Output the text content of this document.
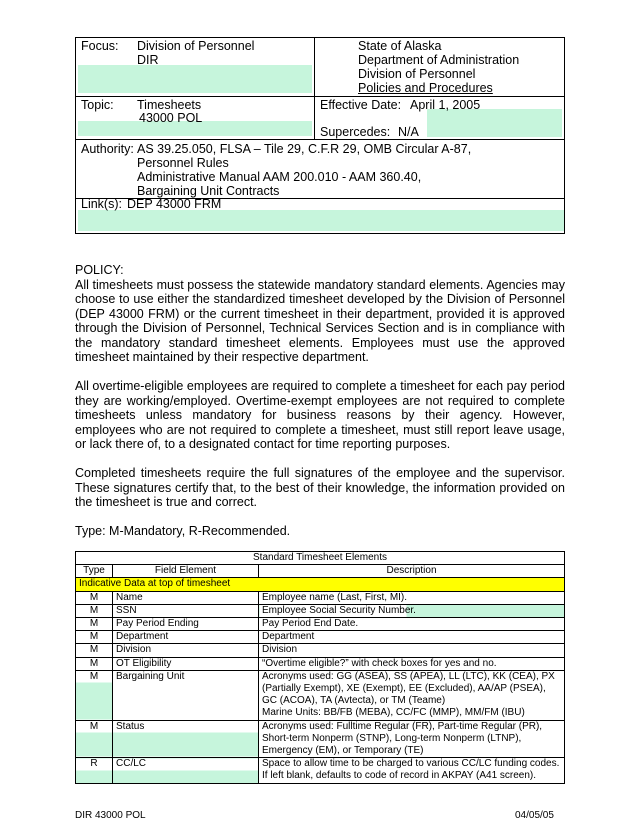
Focus: Division of Personnel
DIR	State of Alaska
Department of Administration
Division of Personnel
Policies and Procedures

Topic: Timesheets
43000 POL	Effective Date: April 1, 2005
Supercedes: N/A

Authority: AS 39.25.050, FLSA – Tile 29, C.F.R 29, OMB Circular A-87,
Personnel Rules
Administrative Manual AAM 200.010 - AAM 360.40,
Bargaining Unit Contracts	

Link(s): DEP 43000 FRM	

POLICY:

All timesheets must possess the statewide mandatory standard elements. Agencies may choose to use either the standardized timesheet developed by the Division of Personnel (DEP 43000 FRM) or the current timesheet in their department, provided it is approved through the Division of Personnel, Technical Services Section and is in compliance with the mandatory standard timesheet elements. Employees must use the approved timesheet maintained by their respective department.

All overtime-eligible employees are required to complete a timesheet for each pay period they are working/employed. Overtime-exempt employees are not required to complete timesheets unless mandatory for business reasons by their agency. However, employees who are not required to complete a timesheet, must still report leave usage, or lack there of, to a designated contact for time reporting purposes.

Completed timesheets require the full signatures of the employee and the supervisor. These signatures certify that, to the best of their knowledge, the information provided on the timesheet is true and correct.

Type: M-Mandatory, R-Recommended.

Standard Timesheet Elements		
Type	Field Element	Description
Indicative Data at top of timesheet		
M	Name	Employee name (Last, First, MI).
M	SSN	Employee Social Security Number.
M	Pay Period Ending	Pay Period End Date.
M	Department	Department
M	Division	Division
M	OT Eligibility	“Overtime eligible?” with check boxes for yes and no.
M	Bargaining Unit	Acronyms used: GG (ASEA), SS (APEA), LL (LTC), KK (CEA), PX
(Partially Exempt), XE (Exempt), EE (Excluded), AA/AP (PSEA),
GC (ACOA), TA (Avtecta), or TM (Teame)
Marine Units: BB/FB (MEBA), CC/FC (MMP), MM/FM (IBU)

M	Status	Acronyms used: Fulltime Regular (FR), Part-time Regular (PR),
Short-term Nonperm (STNP), Long-term Nonperm (LTNP),
Emergency (EM), or Temporary (TE)

R	CC/LC	Space to allow time to be charged to various CC/LC funding codes.
If left blank, defaults to code of record in AKPAY (A41 screen).
DIR 43000 POL	04/05/05
